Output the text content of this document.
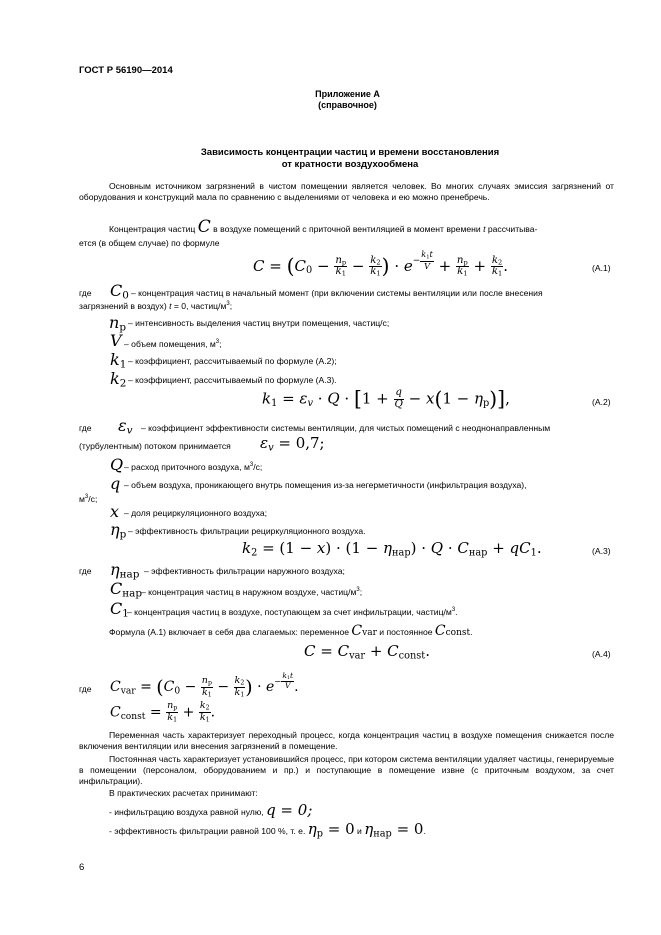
ГОСТ Р 56190—2014
Приложение А
(справочное)
Зависимость концентрации частиц и времени восстановления
от кратности воздухообмена
Основным источником загрязнений в чистом помещении является человек. Во многих случаях эмиссия загрязнений от оборудования и конструкций мала по сравнению с выделениями от человека и ею можно пренебречь.
Концентрация частиц C в воздухе помещений с приточной вентиляцией в момент времени t рассчитыва-
ется (в общем случае) по формуле
$C = (C_0 - \frac{n_p}{k_1} - \frac{k_2}{k_1}$ ) · $e^{- \frac{k_1t}{V}} + \frac{n_p}{k_1} + \frac{k_2}{k_1}$ .	(A.1)
где $C_0$ – концентрация частиц в начальный момент (при включении системы вентиляции или после внесения
загрязнений в воздух) t = 0, частиц/$м^3$;
$n_p$ – интенсивность выделения частиц внутри помещения, частиц/с;
V – объем помещения, $м^3$;
$k_1$ – коэффициент, рассчитываемый по формуле (A.2);
$k_2$ – коэффициент, рассчитываемый по формуле (A.3).
$k_1 = \varepsilon_v \cdot Q \cdot [1 + \frac{q}{Q} - x(1 - \eta_p)]$,	(A.2)
где $\varepsilon_v$ – коэффициент эффективности системы вентиляции, для чистых помещений с неоднонаправленным
(турбулентным) потоком принимается $\varepsilon_v = 0,7$;
Q – расход приточного воздуха, $м^3/с$;
q – объем воздуха, проникающего внутрь помещения из-за негерметичности (инфильтрация воздуха),
$м^3/с$;
x – доля рециркуляционного воздуха;
$\eta_p$ – эффективность фильтрации рециркуляционного воздуха.
$k_2 = (1 - x) \cdot (1 - \eta_{нар}) \cdot Q \cdot C_{нар} + qC_1$.	(A.3)
где $\eta_{нар}$ – эффективность фильтрации наружного воздуха;
$C_{нар}$
– концентрация частиц в наружном воздухе, частиц/$м^3$;
$C_1$
– концентрация частиц в воздухе, поступающем за счет инфильтрации, частиц/$м^3$.
Формула (A.1) включает в себя два слагаемых: переменное Cvar и постоянное Cconst.
$C = C_{var} + C_{const}$.	(A.4)
где $C_{var} = (C_0 - \frac{n_p}{k_1} - \frac{k_2}{k_1}$ ) · $e^{- \frac{k_1t}{V}}$ .
$C_{const} = \frac{n_p}{k_1} + \frac{k_2}{k_1}$ .
Переменная часть характеризует переходный процесс, когда концентрация частиц в воздухе помещения снижается после включения вентиляции или внесения загрязнений в помещение.
Постоянная часть характеризует установившийся процесс, при котором система вентиляции удаляет частицы, генерируемые в помещении (персоналом, оборудованием и пр.) и поступающие в помещение извне (с приточным воздухом, за счет инфильтрации).
В практических расчетах принимают:
- инфильтрацию воздуха равной нулю, q = 0;
- эффективность фильтрации равной 100 %, т. е. $\eta_p = 0$ и $\eta_{нар} = 0$.
6
